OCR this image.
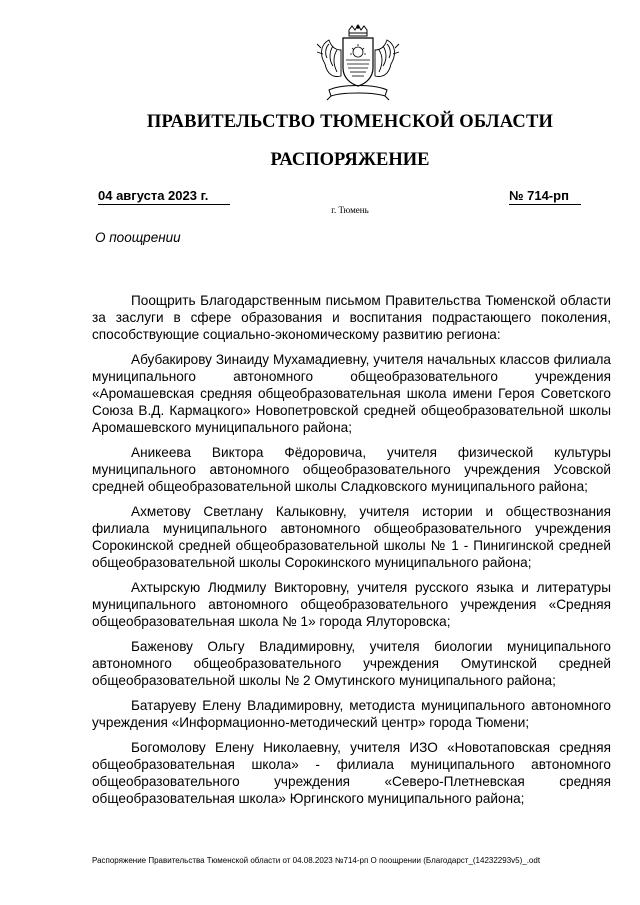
ПРАВИТЕЛЬСТВО ТЮМЕНСКОЙ ОБЛАСТИ
РАСПОРЯЖЕНИЕ
04 августа 2023 г.	№ 714-рп
г. Тюмень
О поощрении

Поощрить Благодарственным письмом Правительства Тюменской области за заслуги в сфере образования и воспитания подрастающего поколения, способствующие социально-экономическому развитию региона:

Абубакирову Зинаиду Мухамадиевну, учителя начальных классов филиала муниципального автономного общеобразовательного учреждения «Аромашевская средняя общеобразовательная школа имени Героя Советского Союза В.Д. Кармацкого» Новопетровской средней общеобразовательной школы Аромашевского муниципального района;

Аникеева Виктора Фёдоровича, учителя физической культуры муниципального автономного общеобразовательного учреждения Усовской средней общеобразовательной школы Сладковского муниципального района;

Ахметову Светлану Калыковну, учителя истории и обществознания филиала муниципального автономного общеобразовательного учреждения Сорокинской средней общеобразовательной школы № 1 - Пинигинской средней общеобразовательной школы Сорокинского муниципального района;

Ахтырскую Людмилу Викторовну, учителя русского языка и литературы муниципального автономного общеобразовательного учреждения «Средняя общеобразовательная школа № 1» города Ялуторовска;

Баженову Ольгу Владимировну, учителя биологии муниципального автономного общеобразовательного учреждения Омутинской средней общеобразовательной школы № 2 Омутинского муниципального района;

Батаруеву Елену Владимировну, методиста муниципального автономного учреждения «Информационно-методический центр» города Тюмени;

Богомолову Елену Николаевну, учителя ИЗО «Новотаповская средняя общеобразовательная школа» - филиала муниципального автономного общеобразовательного учреждения «Северо-Плетневская средняя общеобразовательная школа» Юргинского муниципального района;

Распоряжение Правительства Тюменской области от 04.08.2023 №714-рп О поощрении (Благодарст_(14232293v5)_.odt
